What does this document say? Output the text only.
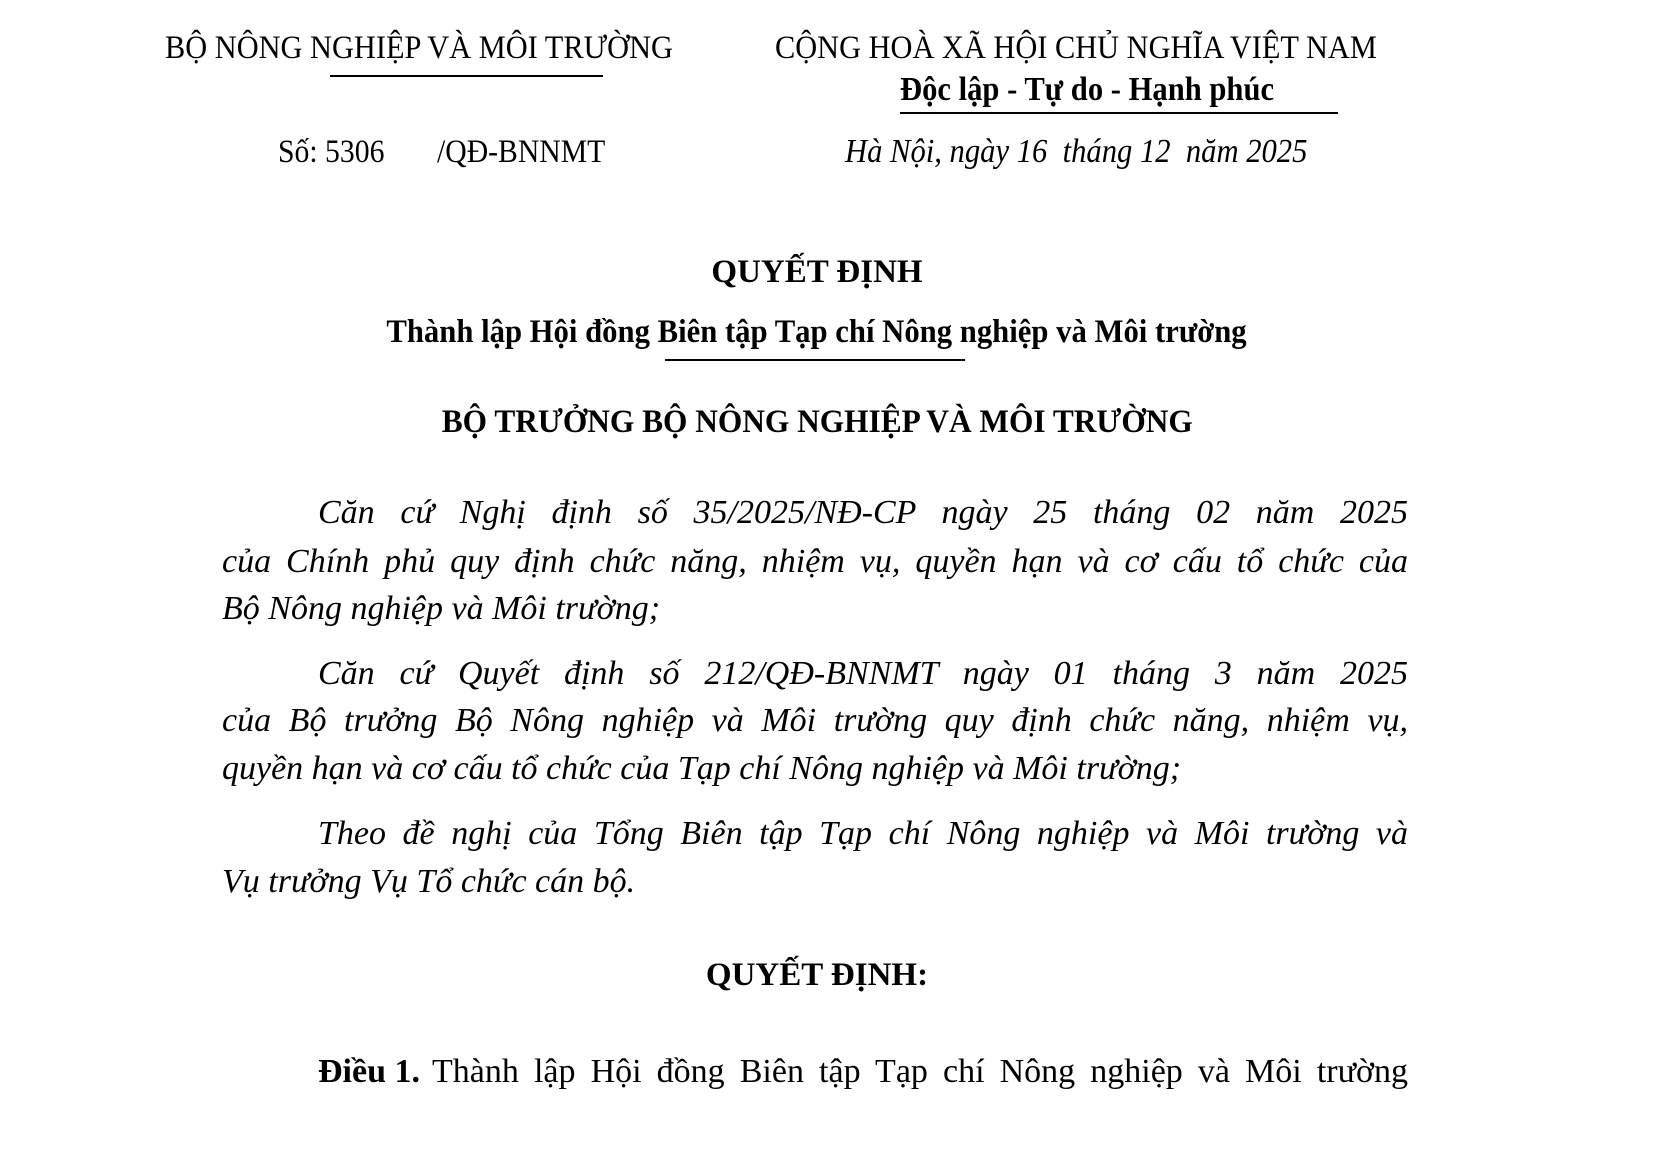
BỘ NÔNG NGHIỆP VÀ MÔI TRƯỜNG	CỘNG HOÀ XÃ HỘI CHỦ NGHĨA VIỆT NAM
Độc lập - Tự do - Hạnh phúc
Số: 5306	/QĐ-BNNMT	Hà Nội, ngày 16  tháng 12  năm 2025
QUYẾT ĐỊNH
Thành lập Hội đồng Biên tập Tạp chí Nông nghiệp và Môi trường
BỘ TRƯỞNG BỘ NÔNG NGHIỆP VÀ MÔI TRƯỜNG
Căn cứ Nghị định số 35/2025/NĐ-CP ngày 25 tháng 02 năm 2025
của Chính phủ quy định chức năng, nhiệm vụ, quyền hạn và cơ cấu tổ chức của
Bộ Nông nghiệp và Môi trường;
Căn cứ Quyết định số 212/QĐ-BNNMT ngày 01 tháng 3 năm 2025
của Bộ trưởng Bộ Nông nghiệp và Môi trường quy định chức năng, nhiệm vụ,
quyền hạn và cơ cấu tổ chức của Tạp chí Nông nghiệp và Môi trường;
Theo đề nghị của Tổng Biên tập Tạp chí Nông nghiệp và Môi trường và
Vụ trưởng Vụ Tổ chức cán bộ.
QUYẾT ĐỊNH:
Điều 1. Thành lập Hội đồng Biên tập Tạp chí Nông nghiệp và Môi trường
